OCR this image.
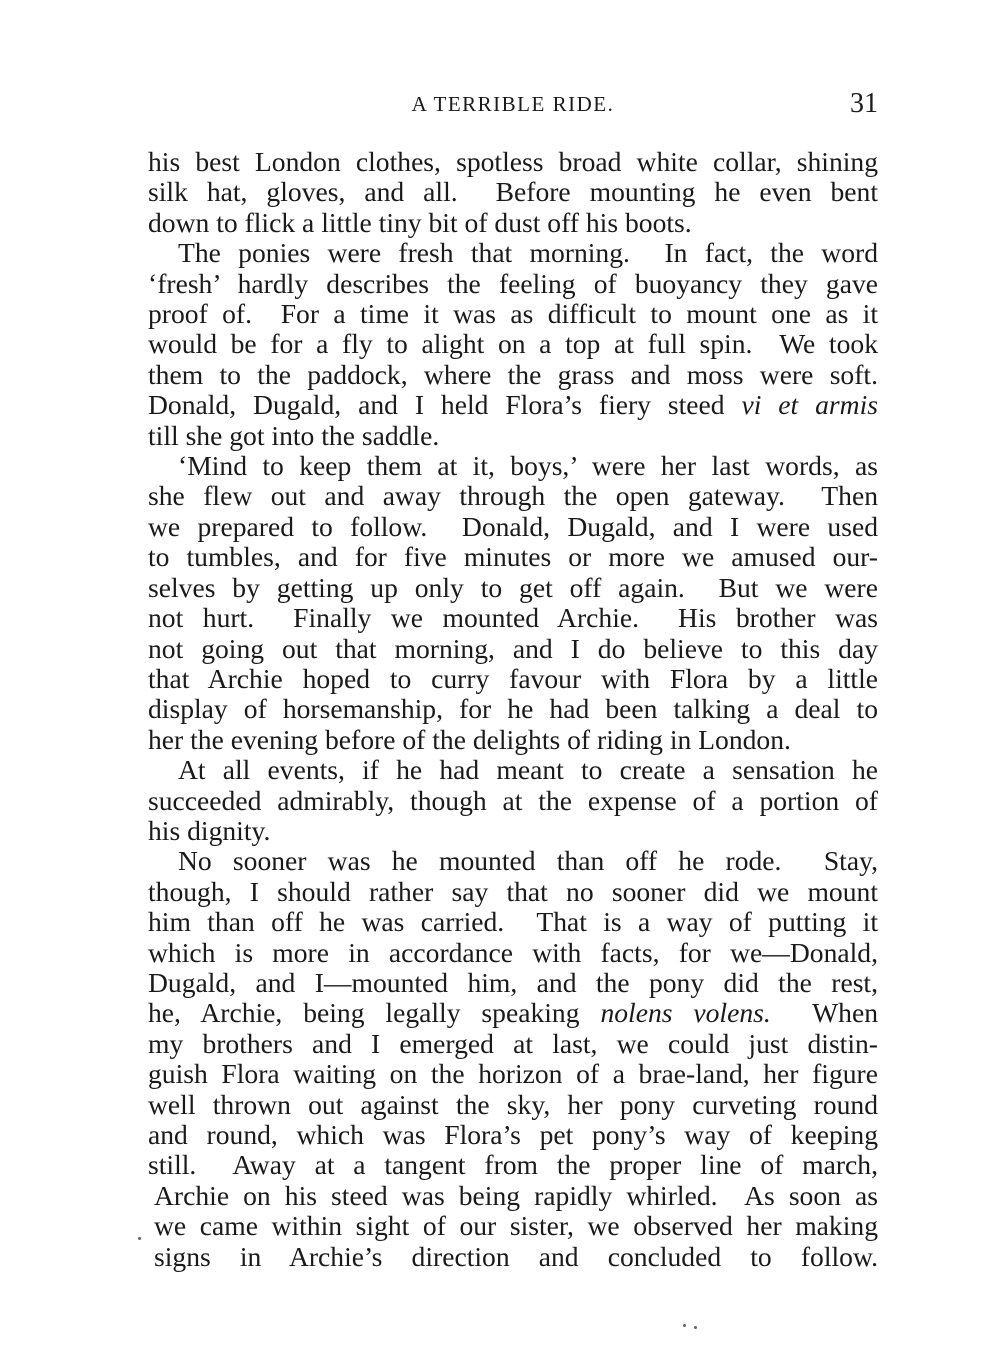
A TERRIBLE RIDE.	31
his best London clothes, spotless broad white collar, shining
silk hat, gloves, and all.  Before mounting he even bent
down to flick a little tiny bit of dust off his boots.
The ponies were fresh that morning.  In fact, the word
‘fresh’ hardly describes the feeling of buoyancy they gave
proof of.  For a time it was as difficult to mount one as it
would be for a fly to alight on a top at full spin.  We took
them to the paddock, where the grass and moss were soft.
Donald, Dugald, and I held Flora’s fiery steed vi et armis
till she got into the saddle.
‘Mind to keep them at it, boys,’ were her last words, as
she flew out and away through the open gateway.  Then
we prepared to follow.  Donald, Dugald, and I were used
to tumbles, and for five minutes or more we amused our-
selves by getting up only to get off again.  But we were
not hurt.  Finally we mounted Archie.  His brother was
not going out that morning, and I do believe to this day
that Archie hoped to curry favour with Flora by a little
display of horsemanship, for he had been talking a deal to
her the evening before of the delights of riding in London.
At all events, if he had meant to create a sensation he
succeeded admirably, though at the expense of a portion of
his dignity.
No sooner was he mounted than off he rode.  Stay,
though, I should rather say that no sooner did we mount
him than off he was carried.  That is a way of putting it
which is more in accordance with facts, for we—Donald,
Dugald, and I—mounted him, and the pony did the rest,
he, Archie, being legally speaking nolens volens.  When
my brothers and I emerged at last, we could just distin-
guish Flora waiting on the horizon of a brae-land, her figure
well thrown out against the sky, her pony curveting round
and round, which was Flora’s pet pony’s way of keeping
still.  Away at a tangent from the proper line of march,
Archie on his steed was being rapidly whirled.  As soon as
we came within sight of our sister, we observed her making
signs in Archie’s direction and concluded to follow.
